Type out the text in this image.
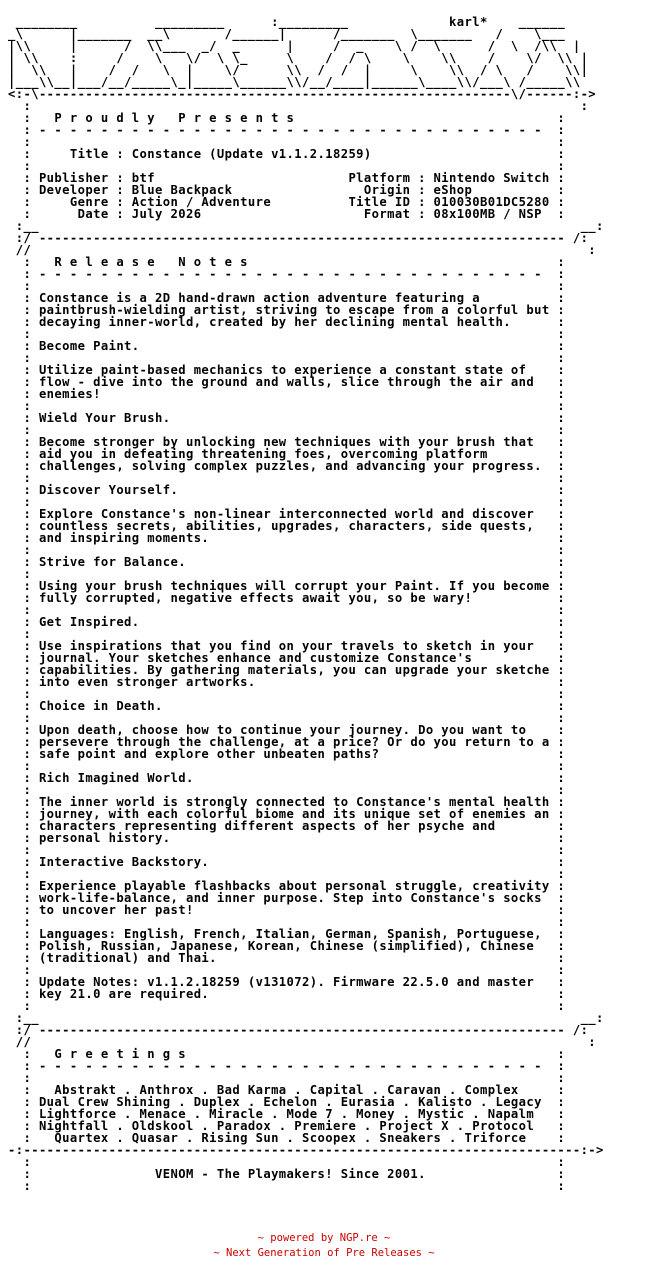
________          _________      :_________             karl*    ______
_\      |_______  __\       /______|      /_______  \_______   /    \___
|\\     |      /  \\___  _/  _      |     /  _    \ /  \      /  \  /\\  |
| \\    :     /    \   \/  \ \_     \    /  / \    \    \\    /    \/  \\ |
|  \\   |    /  /   \  |    \/      \\  /  /  |     \    \\  / \   /    \\|
|___\\__|___/__/_____\_|_____\______\\/__/____|______\____\\/___\ /_____\\
<:-\-------------------------------------------------------------\/------:->
:                                                                       :
:   P r o u d l y   P r e s e n t s                                  :
: - - - - - - - - - - - - - - - - - - - - - - - - - - - - - - - - -  :
:                                                                    :
:     Title : Constance (Update v1.1.2.18259)                        :
:                                                                    :
: Publisher : btf                         Platform : Nintendo Switch :
: Developer : Blue Backpack                 Origin : eShop           :
:     Genre : Action / Adventure          Title ID : 010030B01DC5280 :
:      Date : July 2026                     Format : 08x100MB / NSP  :
:__                                                                      __:
:/ -------------------------------------------------------------------- /:
//                                                                        :
:   R e l e a s e   N o t e s                                        :
: - - - - - - - - - - - - - - - - - - - - - - - - - - - - - - - - -  :
:                                                                    :
: Constance is a 2D hand-drawn action adventure featuring a          :
: paintbrush-wielding artist, striving to escape from a colorful but :
: decaying inner-world, created by her declining mental health.      :
:                                                                    :
: Become Paint.                                                      :
:                                                                    :
: Utilize paint-based mechanics to experience a constant state of    :
: flow - dive into the ground and walls, slice through the air and   :
: enemies!                                                           :
:                                                                    :
: Wield Your Brush.                                                  :
:                                                                    :
: Become stronger by unlocking new techniques with your brush that   :
: aid you in defeating threatening foes, overcoming platform         :
: challenges, solving complex puzzles, and advancing your progress.  :
:                                                                    :
: Discover Yourself.                                                 :
:                                                                    :
: Explore Constance's non-linear interconnected world and discover   :
: countless secrets, abilities, upgrades, characters, side quests,   :
: and inspiring moments.                                             :
:                                                                    :
: Strive for Balance.                                                :
:                                                                    :
: Using your brush techniques will corrupt your Paint. If you become :
: fully corrupted, negative effects await you, so be wary!           :
:                                                                    :
: Get Inspired.                                                      :
:                                                                    :
: Use inspirations that you find on your travels to sketch in your   :
: journal. Your sketches enhance and customize Constance's           :
: capabilities. By gathering materials, you can upgrade your sketche :
: into even stronger artworks.                                       :
:                                                                    :
: Choice in Death.                                                   :
:                                                                    :
: Upon death, choose how to continue your journey. Do you want to    :
: persevere through the challenge, at a price? Or do you return to a :
: safe point and explore other unbeaten paths?                       :
:                                                                    :
: Rich Imagined World.                                               :
:                                                                    :
: The inner world is strongly connected to Constance's mental health :
: journey, with each colorful biome and its unique set of enemies an :
: characters representing different aspects of her psyche and        :
: personal history.                                                  :
:                                                                    :
: Interactive Backstory.                                             :
:                                                                    :
: Experience playable flashbacks about personal struggle, creativity :
: work-life-balance, and inner purpose. Step into Constance's socks  :
: to uncover her past!                                               :
:                                                                    :
: Languages: English, French, Italian, German, Spanish, Portuguese,  :
: Polish, Russian, Japanese, Korean, Chinese (simplified), Chinese   :
: (traditional) and Thai.                                            :
:                                                                    :
: Update Notes: v1.1.2.18259 (v131072). Firmware 22.5.0 and master   :
: key 21.0 are required.                                             :
:                                                                    :
:__                                                                      __:
:/ -------------------------------------------------------------------- /:
//                                                                        :
:   G r e e t i n g s                                                :
: - - - - - - - - - - - - - - - - - - - - - - - - - - - - - - - - -  :
:                                                                    :
:   Abstrakt . Anthrox . Bad Karma . Capital . Caravan . Complex     :
: Dual Crew Shining . Duplex . Echelon . Eurasia . Kalisto . Legacy  :
: Lightforce . Menace . Miracle . Mode 7 . Money . Mystic . Napalm   :
: Nightfall . Oldskool . Paradox . Premiere . Project X . Protocol   :
:   Quartex . Quasar . Rising Sun . Scoopex . Sneakers . Triforce    :
-:------------------------------------------------------------------------:->
:                                                                    :
:                VENOM - The Playmakers! Since 2001.                 :
:                                                                    :

~ powered by NGP.re ~
~ Next Generation of Pre Releases ~
